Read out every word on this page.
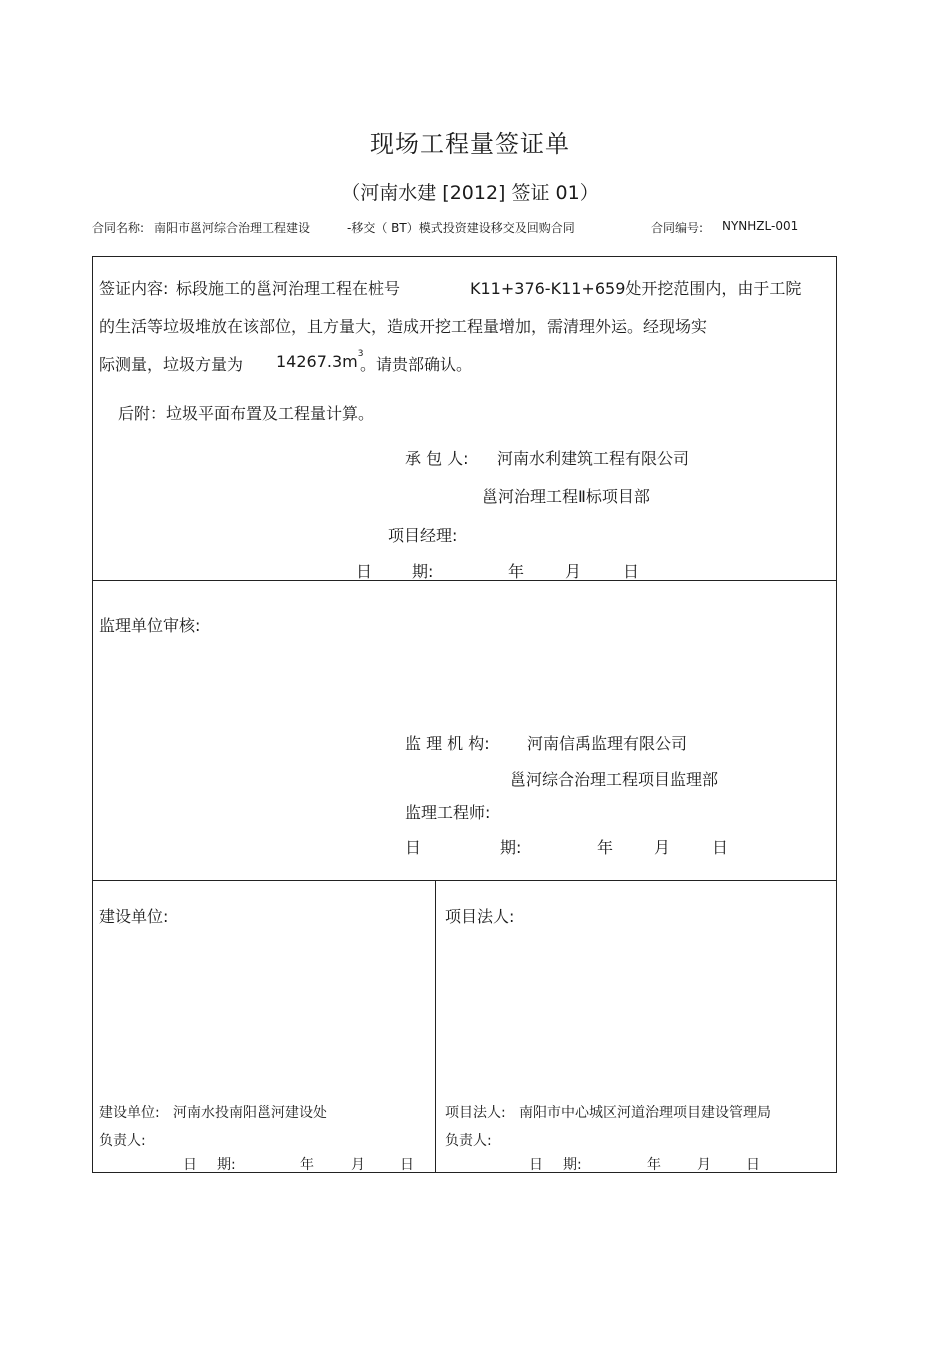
现场工程量签证单
（河南水建 [2012] 签证 01）
合同名称: 南阳市邕河综合治理工程建设	-移交（ BT）模式投资建设移交及回购合同	合同编号: NYNHZL-001
签证内容: 标段施工的邕河治理工程在桩号	K11+376-K11+659处开挖范围内，由于工院
的生活等垃圾堆放在该部位，且方量大，造成开挖工程量增加，需清理外运。经现场实
际测量，垃圾方量为 $14267.3m^3$
。请贵部确认。
后附：垃圾平面布置及工程量计算。
承 包 人: 河南水利建筑工程有限公司
邕河治理工程Ⅱ标项目部
项目经理:
日 期:	年	月	日
监理单位审核:
监 理 机 构: 河南信禹监理有限公司
邕河综合治理工程项目监理部
监理工程师:
日	期:	年	月	日
建设单位:
建设单位: 河南水投南阳邕河建设处
负责人:
日 期:	年	月	日
项目法人:
项目法人: 南阳市中心城区河道治理项目建设管理局
负责人:
日 期:	年	月	日
